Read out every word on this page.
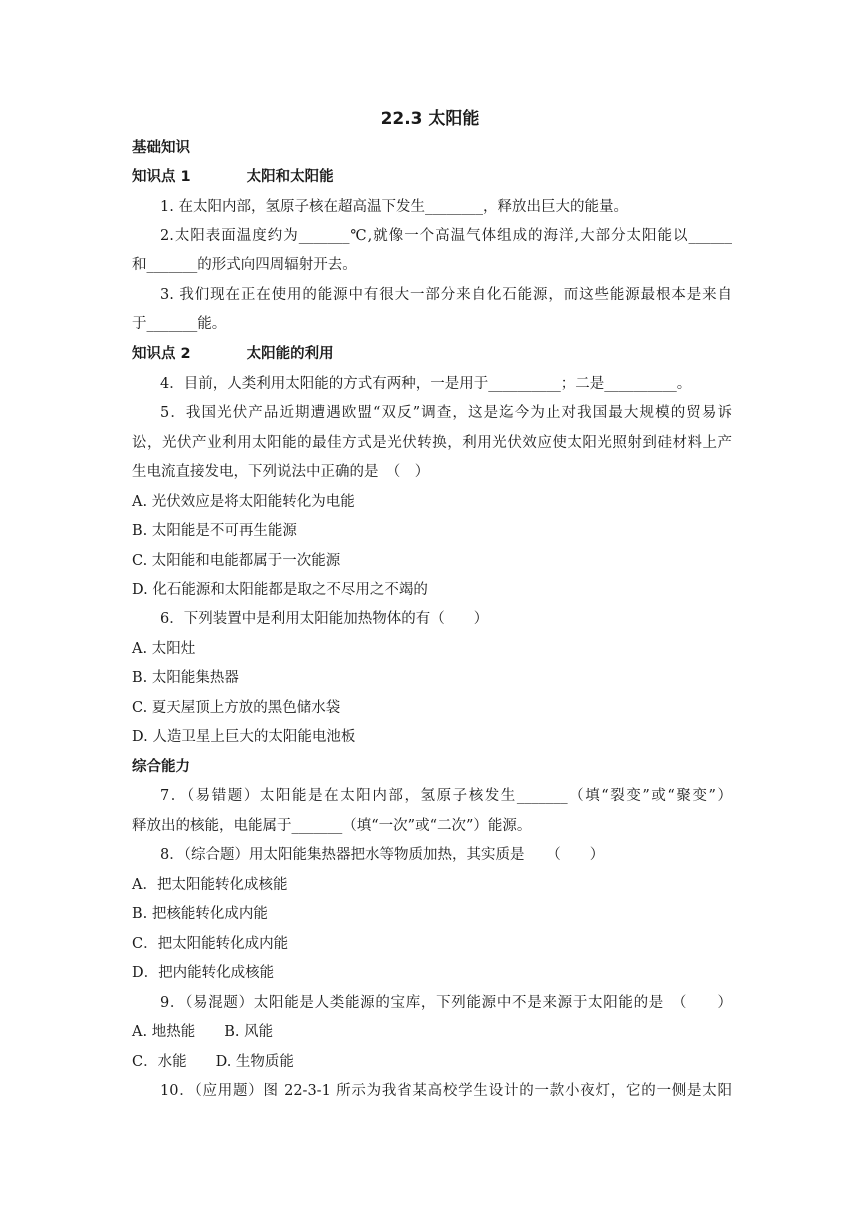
22.3 太阳能
基础知识
知识点 1	太阳和太阳能
1. 在太阳内部，氢原子核在超高温下发生________，释放出巨大的能量。
2.太阳表面温度约为_______℃,就像一个高温气体组成的海洋,大部分太阳能以______
和_______的形式向四周辐射开去。
3. 我们现在正在使用的能源中有很大一部分来自化石能源，而这些能源最根本是来自
于_______能。
知识点 2	太阳能的利用
4．目前，人类利用太阳能的方式有两种，一是用于__________；二是__________。
5．我国光伏产品近期遭遇欧盟“双反”调查，这是迄今为止对我国最大规模的贸易诉
讼，光伏产业利用太阳能的最佳方式是光伏转换，利用光伏效应使太阳光照射到硅材料上产
生电流直接发电，下列说法中正确的是　（　）
A. 光伏效应是将太阳能转化为电能
B. 太阳能是不可再生能源
C. 太阳能和电能都属于一次能源
D. 化石能源和太阳能都是取之不尽用之不竭的
6．下列装置中是利用太阳能加热物体的有（　　）
A. 太阳灶
B. 太阳能集热器
C. 夏天屋顶上方放的黑色储水袋
D. 人造卫星上巨大的太阳能电池板
综合能力
7．（易错题）太阳能是在太阳内部，氢原子核发生_______（填“裂变”或“聚变”）
释放出的核能，电能属于_______（填“一次”或“二次”）能源。
8．（综合题）用太阳能集热器把水等物质加热，其实质是　　（　　）
A．把太阳能转化成核能
B. 把核能转化成内能
C．把太阳能转化成内能
D．把内能转化成核能
9．（易混题）太阳能是人类能源的宝库，下列能源中不是来源于太阳能的是　（　　）
A. 地热能　　B. 风能
C．水能　　D. 生物质能
10．（应用题）图 22-3-1 所示为我省某高校学生设计的一款小夜灯，它的一侧是太阳
